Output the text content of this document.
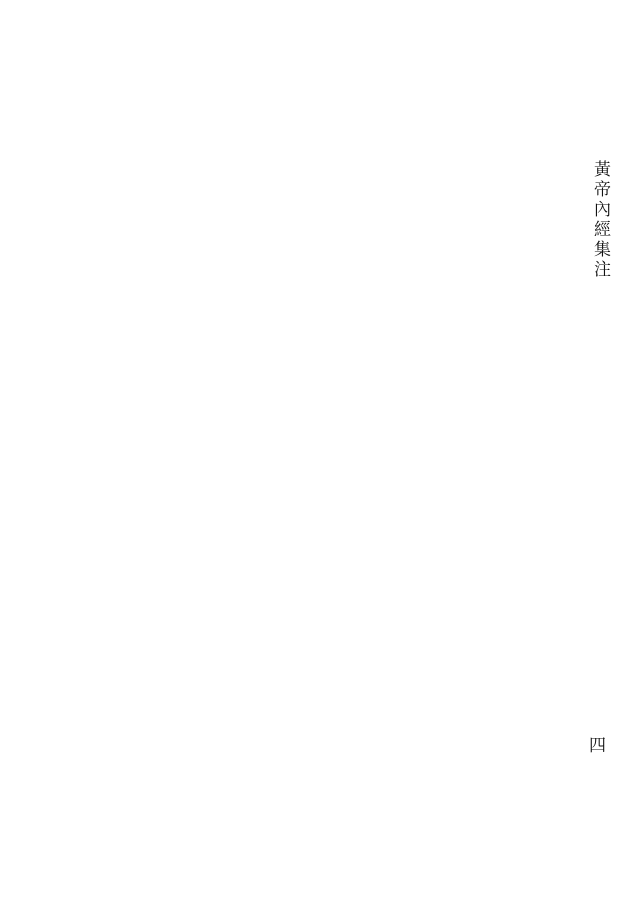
黃帝內經集注
四
